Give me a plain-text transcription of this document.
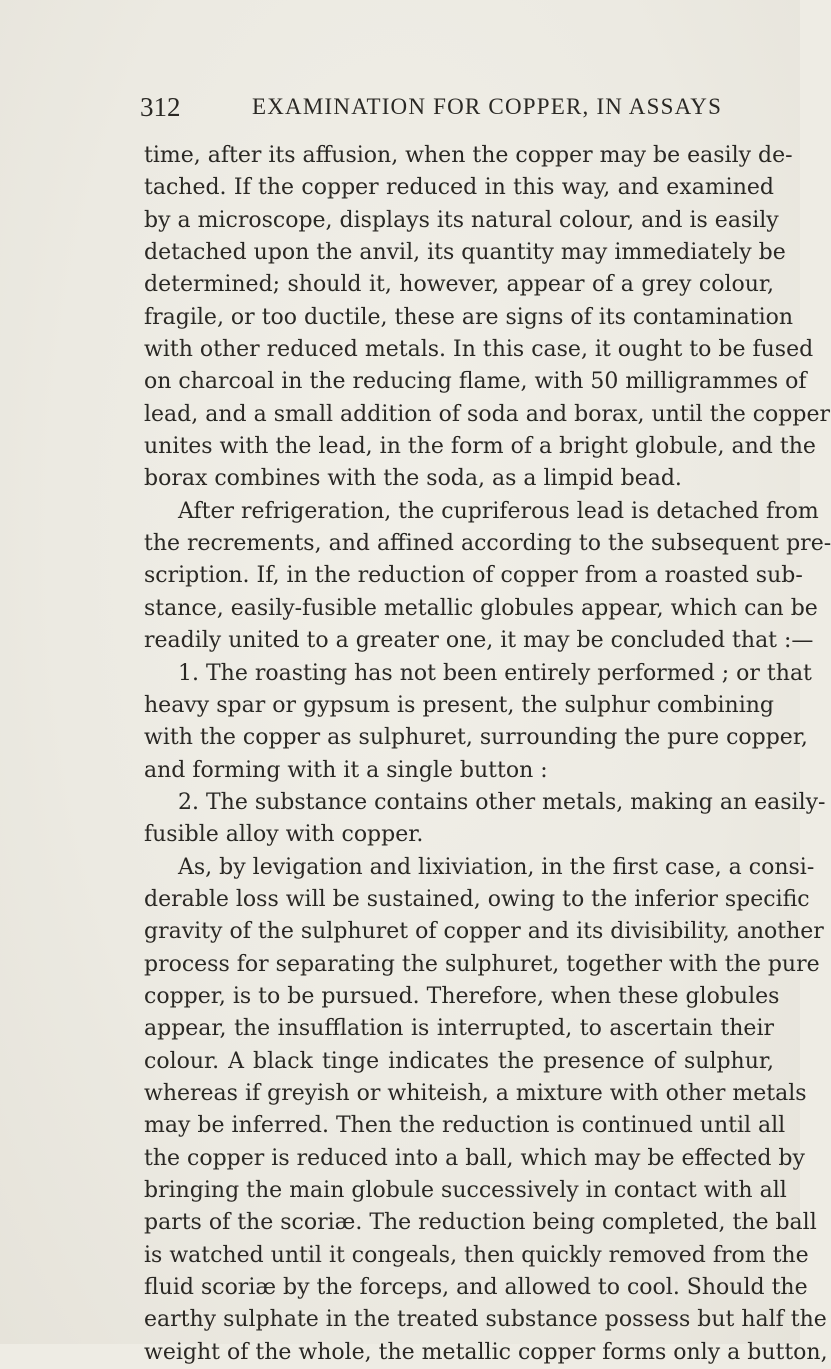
312	EXAMINATION FOR COPPER, IN ASSAYS
time, after its affusion, when the copper may be easily de-
tached. If the copper reduced in this way, and examined
by a microscope, displays its natural colour, and is easily
detached upon the anvil, its quantity may immediately be
determined; should it, however, appear of a grey colour,
fragile, or too ductile, these are signs of its contamination
with other reduced metals. In this case, it ought to be fused
on charcoal in the reducing flame, with 50 milligrammes of
lead, and a small addition of soda and borax, until the copper
unites with the lead, in the form of a bright globule, and the
borax combines with the soda, as a limpid bead.
After refrigeration, the cupriferous lead is detached from
the recrements, and affined according to the subsequent pre-
scription. If, in the reduction of copper from a roasted sub-
stance, easily-fusible metallic globules appear, which can be
readily united to a greater one, it may be concluded that :—
1. The roasting has not been entirely performed ; or that
heavy spar or gypsum is present, the sulphur combining
with the copper as sulphuret, surrounding the pure copper,
and forming with it a single button :
2. The substance contains other metals, making an easily-
fusible alloy with copper.
As, by levigation and lixiviation, in the first case, a consi-
derable loss will be sustained, owing to the inferior specific
gravity of the sulphuret of copper and its divisibility, another
process for separating the sulphuret, together with the pure
copper, is to be pursued. Therefore, when these globules
appear, the insufflation is interrupted, to ascertain their
colour. A black tinge indicates the presence of sulphur,
whereas if greyish or whiteish, a mixture with other metals
may be inferred. Then the reduction is continued until all
the copper is reduced into a ball, which may be effected by
bringing the main globule successively in contact with all
parts of the scoriæ. The reduction being completed, the ball
is watched until it congeals, then quickly removed from the
fluid scoriæ by the forceps, and allowed to cool. Should the
earthy sulphate in the treated substance possess but half the
weight of the whole, the metallic copper forms only a button,
